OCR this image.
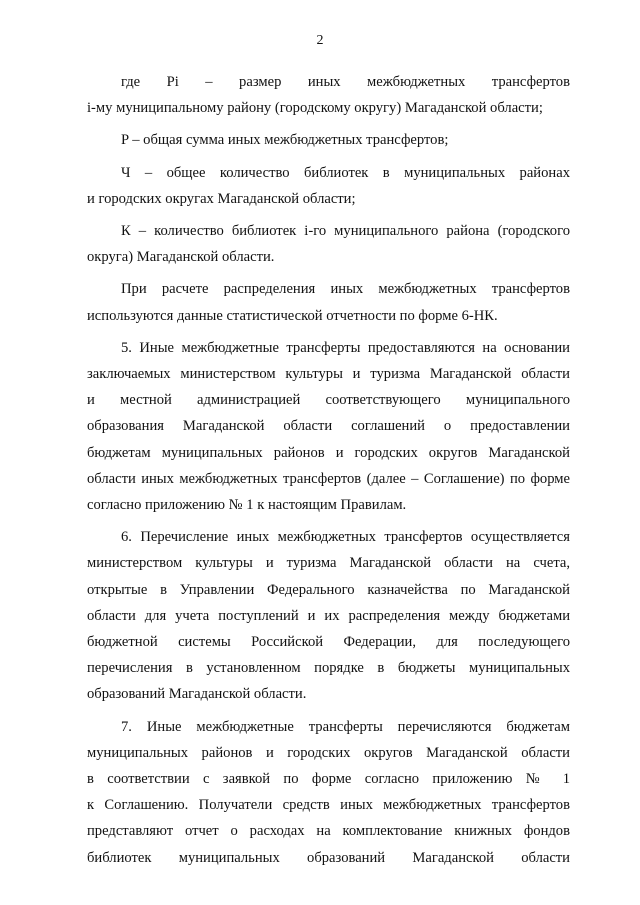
2
где Pi – размер иных межбюджетных трансфертов
i-му муниципальному району (городскому округу) Магаданской области;
P – общая сумма иных межбюджетных трансфертов;
Ч – общее количество библиотек в муниципальных районах
и городских округах Магаданской области;
К – количество библиотек i-го муниципального района (городского
округа) Магаданской области.
При расчете распределения иных межбюджетных трансфертов
используются данные статистической отчетности по форме 6-НК.
5. Иные межбюджетные трансферты предоставляются на основании
заключаемых министерством культуры и туризма Магаданской области
и местной администрацией соответствующего муниципального
образования Магаданской области соглашений о предоставлении
бюджетам муниципальных районов и городских округов Магаданской
области иных межбюджетных трансфертов (далее – Соглашение) по форме
согласно приложению № 1 к настоящим Правилам.
6. Перечисление иных межбюджетных трансфертов осуществляется
министерством культуры и туризма Магаданской области на счета,
открытые в Управлении Федерального казначейства по Магаданской
области для учета поступлений и их распределения между бюджетами
бюджетной системы Российской Федерации, для последующего
перечисления в установленном порядке в бюджеты муниципальных
образований Магаданской области.
7. Иные межбюджетные трансферты перечисляются бюджетам
муниципальных районов и городских округов Магаданской области
в соответствии с заявкой по форме согласно приложению № 1
к Соглашению. Получатели средств иных межбюджетных трансфертов
представляют отчет о расходах на комплектование книжных фондов
библиотек муниципальных образований Магаданской области
